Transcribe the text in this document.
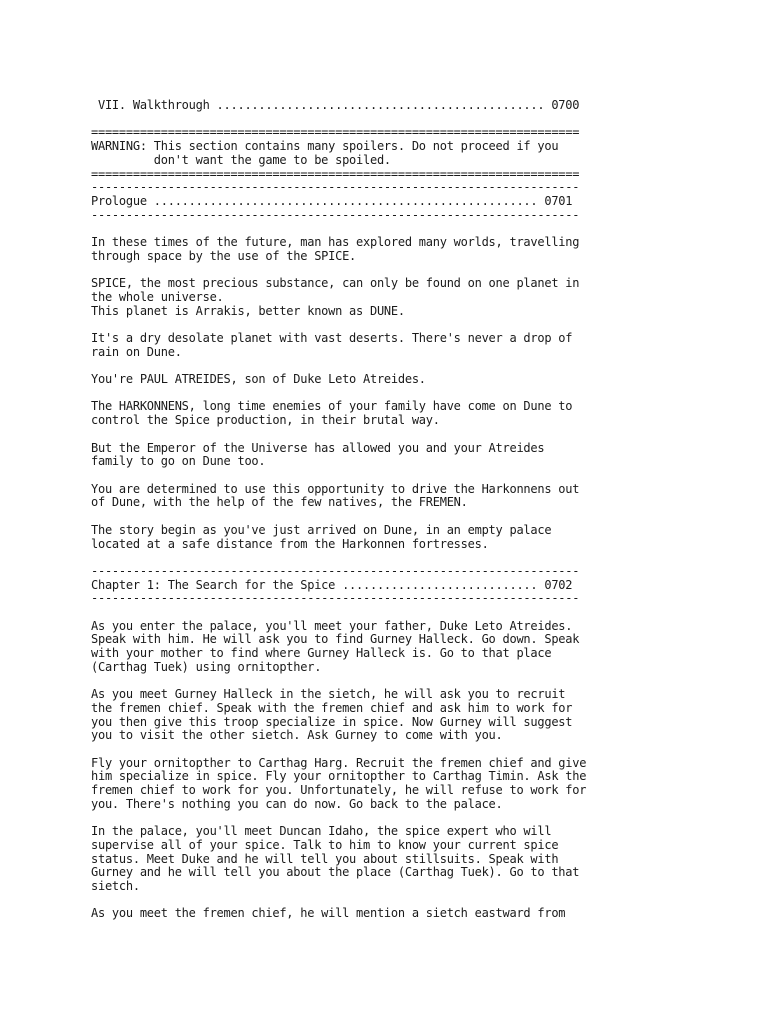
VII. Walkthrough ............................................... 0700

======================================================================
WARNING: This section contains many spoilers. Do not proceed if you
don't want the game to be spoiled.
======================================================================
----------------------------------------------------------------------
Prologue ....................................................... 0701
----------------------------------------------------------------------

In these times of the future, man has explored many worlds, travelling
through space by the use of the SPICE.

SPICE, the most precious substance, can only be found on one planet in
the whole universe.
This planet is Arrakis, better known as DUNE.

It's a dry desolate planet with vast deserts. There's never a drop of
rain on Dune.

You're PAUL ATREIDES, son of Duke Leto Atreides.

The HARKONNENS, long time enemies of your family have come on Dune to
control the Spice production, in their brutal way.

But the Emperor of the Universe has allowed you and your Atreides
family to go on Dune too.

You are determined to use this opportunity to drive the Harkonnens out
of Dune, with the help of the few natives, the FREMEN.

The story begin as you've just arrived on Dune, in an empty palace
located at a safe distance from the Harkonnen fortresses.

----------------------------------------------------------------------
Chapter 1: The Search for the Spice ............................ 0702
----------------------------------------------------------------------

As you enter the palace, you'll meet your father, Duke Leto Atreides.
Speak with him. He will ask you to find Gurney Halleck. Go down. Speak
with your mother to find where Gurney Halleck is. Go to that place
(Carthag Tuek) using ornitopther.

As you meet Gurney Halleck in the sietch, he will ask you to recruit
the fremen chief. Speak with the fremen chief and ask him to work for
you then give this troop specialize in spice. Now Gurney will suggest
you to visit the other sietch. Ask Gurney to come with you.

Fly your ornitopther to Carthag Harg. Recruit the fremen chief and give
him specialize in spice. Fly your ornitopther to Carthag Timin. Ask the
fremen chief to work for you. Unfortunately, he will refuse to work for
you. There's nothing you can do now. Go back to the palace.

In the palace, you'll meet Duncan Idaho, the spice expert who will
supervise all of your spice. Talk to him to know your current spice
status. Meet Duke and he will tell you about stillsuits. Speak with
Gurney and he will tell you about the place (Carthag Tuek). Go to that
sietch.

As you meet the fremen chief, he will mention a sietch eastward from
